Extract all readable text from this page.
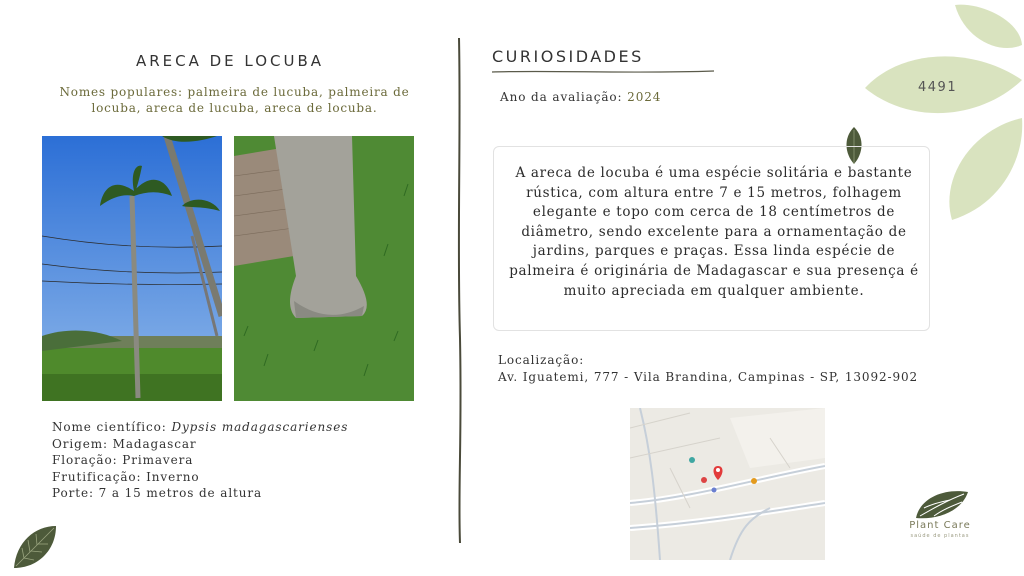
4491
ARECA DE LOCUBA
Nomes populares: palmeira de lucuba, palmeira de locuba, areca de lucuba, areca de locuba.
Nome científico: Dypsis madagascarienses
Origem: Madagascar
Floração: Primavera
Frutificação: Inverno
Porte: 7 a 15 metros de altura
CURIOSIDADES
Ano da avaliação: 2024
A areca de locuba é uma espécie solitária e bastante rústica, com altura entre 7 e 15 metros, folhagem elegante e topo com cerca de 18 centímetros de diâmetro, sendo excelente para a ornamentação de jardins, parques e praças. Essa linda espécie de palmeira é originária de Madagascar e sua presença é muito apreciada em qualquer ambiente.
Localização:
Av. Iguatemi, 777 - Vila Brandina, Campinas - SP, 13092-902
Plant Care
saúde de plantas
